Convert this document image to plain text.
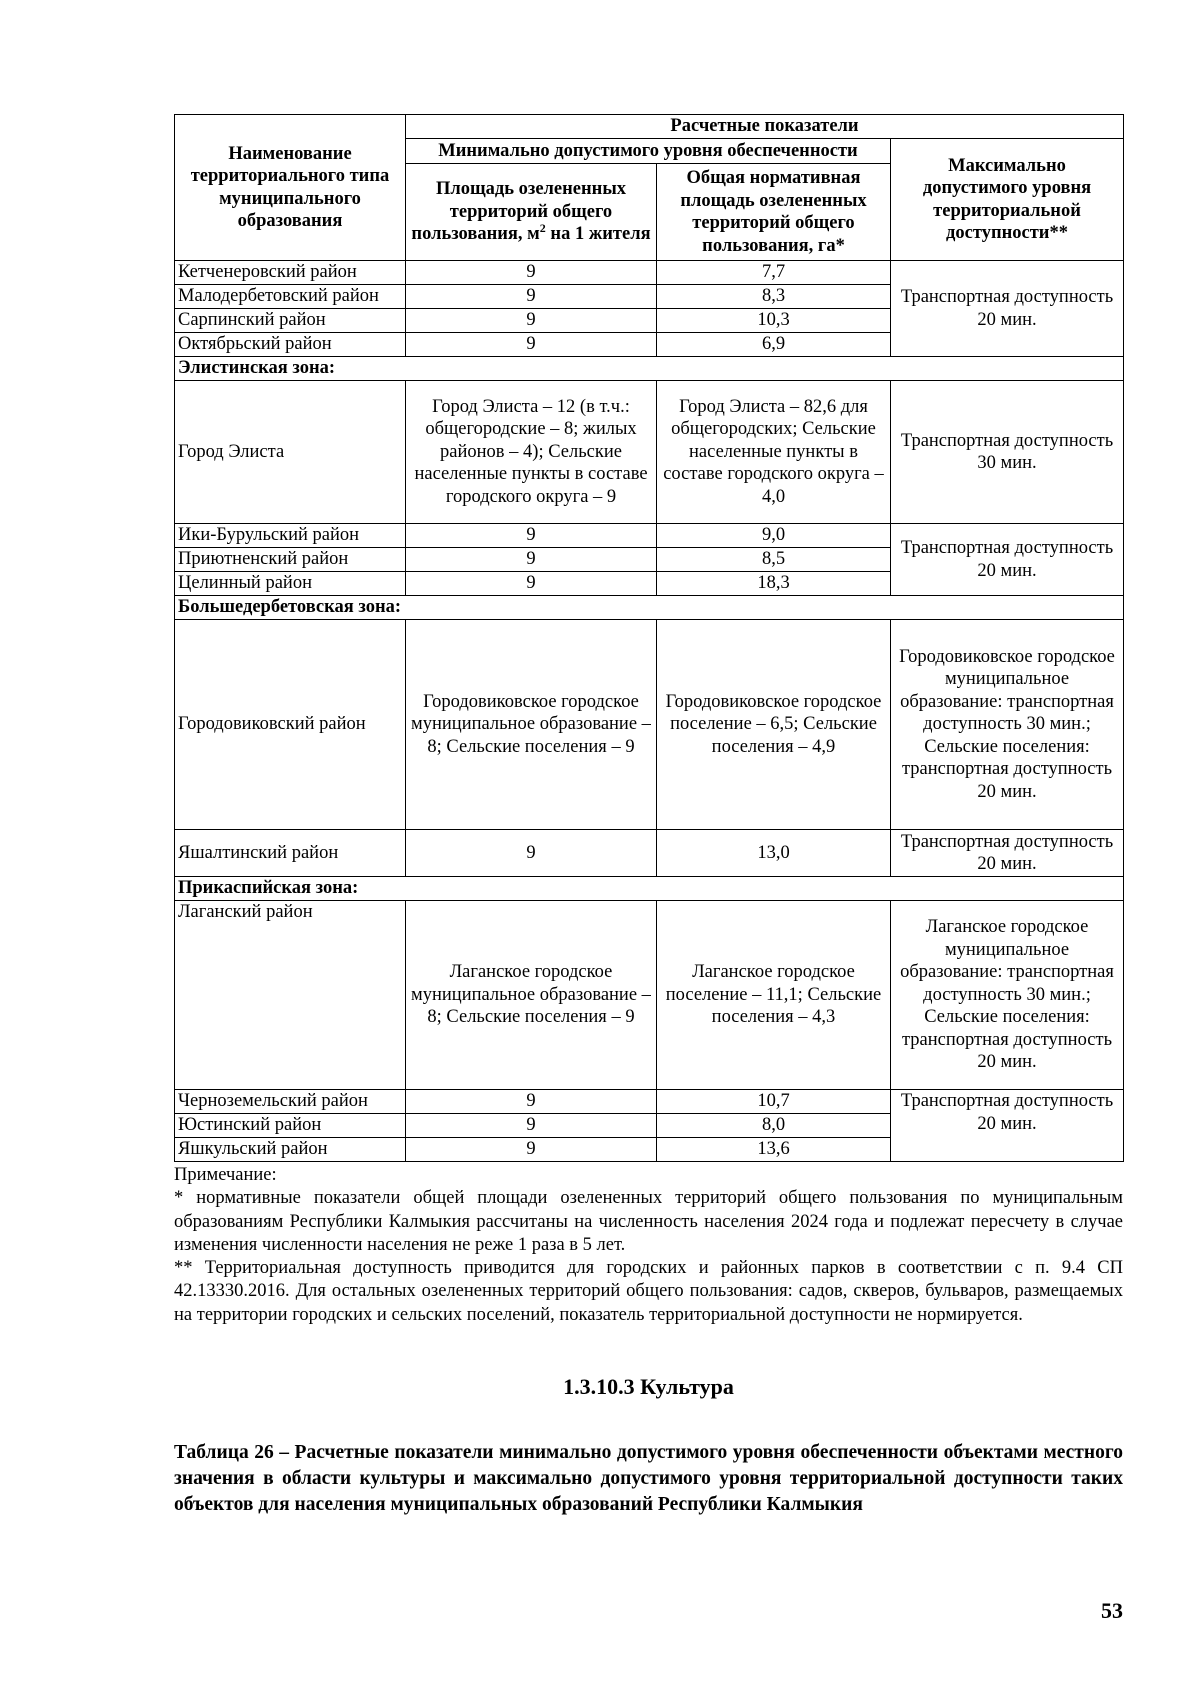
Наименование территориального типа муниципального образования	Расчетные показатели		
	Минимально допустимого уровня обеспеченности		Максимально допустимого уровня территориальной доступности**
	Площадь озелененных территорий общего пользования, $м^2$ на 1 жителя	Общая нормативная площадь озелененных территорий общего пользования, га*	
Кетченеровский район	9	7,7	Транспортная доступность 20 мин.
Малодербетовский район	9	8,3	
Сарпинский район	9	10,3	
Октябрьский район	9	6,9	
Элистинская зона:			
Город Элиста	Город Элиста – 12 (в т.ч.: общегородские – 8; жилых районов – 4); Сельские населенные пункты в составе городского округа – 9	Город Элиста – 82,6 для общегородских; Сельские населенные пункты в составе городского округа – 4,0	Транспортная доступность 30 мин.
Ики-Бурульский район	9	9,0	Транспортная доступность 20 мин.
Приютненский район	9	8,5	
Целинный район	9	18,3	
Большедербетовская зона:			
Городовиковский район	Городовиковское городское муниципальное образование – 8; Сельские поселения – 9	Городовиковское городское поселение – 6,5; Сельские поселения – 4,9	Городовиковское городское муниципальное образование: транспортная доступность 30 мин.; Сельские поселения: транспортная доступность 20 мин.
Яшалтинский район	9	13,0	Транспортная доступность 20 мин.
Прикаспийская зона:			
Лаганский район	Лаганское городское муниципальное образование – 8; Сельские поселения – 9	Лаганское городское поселение – 11,1; Сельские поселения – 4,3	Лаганское городское муниципальное образование: транспортная доступность 30 мин.; Сельские поселения: транспортная доступность 20 мин.
Черноземельский район	9	10,7	Транспортная доступность 20 мин.
Юстинский район	9	8,0	
Яшкульский район	9	13,6	

Примечание:

* нормативные показатели общей площади озелененных территорий общего пользования по муниципальным образованиям Республики Калмыкия рассчитаны на численность населения 2024 года и подлежат пересчету в случае изменения численности населения не реже 1 раза в 5 лет.

** Территориальная доступность приводится для городских и районных парков в соответствии с п. 9.4 СП 42.13330.2016. Для остальных озелененных территорий общего пользования: садов, скверов, бульваров, размещаемых на территории городских и сельских поселений, показатель территориальной доступности не нормируется.

1.3.10.3 Культура
Таблица 26 – Расчетные показатели минимально допустимого уровня обеспеченности объектами местного значения в области культуры и максимально допустимого уровня территориальной доступности таких объектов для населения муниципальных образований Республики Калмыкия
53
